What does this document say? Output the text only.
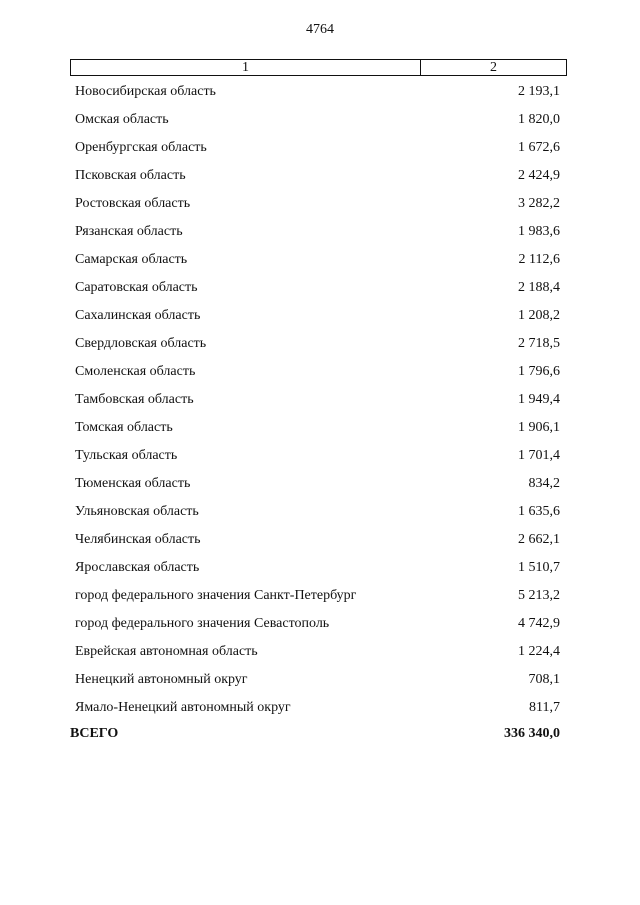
4764
1	2
Новосибирская область	2 193,1
Омская область	1 820,0
Оренбургская область	1 672,6
Псковская область	2 424,9
Ростовская область	3 282,2
Рязанская область	1 983,6
Самарская область	2 112,6
Саратовская область	2 188,4
Сахалинская область	1 208,2
Свердловская область	2 718,5
Смоленская область	1 796,6
Тамбовская область	1 949,4
Томская область	1 906,1
Тульская область	1 701,4
Тюменская область	834,2
Ульяновская область	1 635,6
Челябинская область	2 662,1
Ярославская область	1 510,7
город федерального значения Санкт-Петербург	5 213,2
город федерального значения Севастополь	4 742,9
Еврейская автономная область	1 224,4
Ненецкий автономный округ	708,1
Ямало-Ненецкий автономный округ	811,7
ВСЕГО	336 340,0
